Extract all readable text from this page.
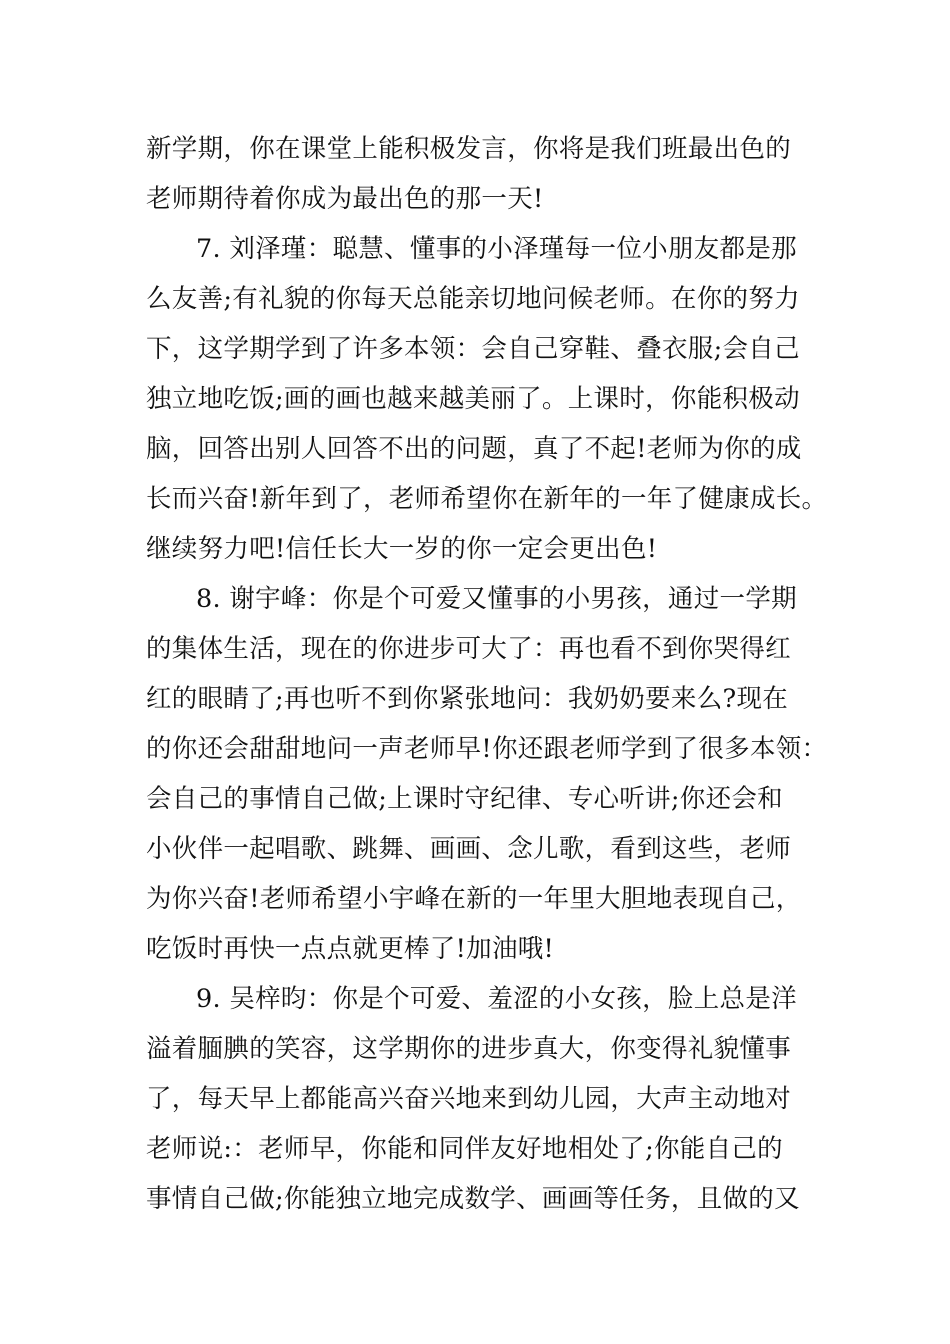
新学期，你在课堂上能积极发言，你将是我们班最出色的
老师期待着你成为最出色的那一天!
7. 刘泽瑾：聪慧、懂事的小泽瑾每一位小朋友都是那
么友善;有礼貌的你每天总能亲切地问候老师。在你的努力
下，这学期学到了许多本领：会自己穿鞋、叠衣服;会自己
独立地吃饭;画的画也越来越美丽了。上课时，你能积极动
脑，回答出别人回答不出的问题，真了不起!老师为你的成
长而兴奋!新年到了，老师希望你在新年的一年了健康成长。
继续努力吧!信任长大一岁的你一定会更出色!
8. 谢宇峰：你是个可爱又懂事的小男孩，通过一学期
的集体生活，现在的你进步可大了：再也看不到你哭得红
红的眼睛了;再也听不到你紧张地问：我奶奶要来么?现在
的你还会甜甜地问一声老师早!你还跟老师学到了很多本领：
会自己的事情自己做;上课时守纪律、专心听讲;你还会和
小伙伴一起唱歌、跳舞、画画、念儿歌，看到这些，老师
为你兴奋!老师希望小宇峰在新的一年里大胆地表现自己，
吃饭时再快一点点就更棒了!加油哦!
9. 吴梓昀：你是个可爱、羞涩的小女孩，脸上总是洋
溢着腼腆的笑容，这学期你的进步真大，你变得礼貌懂事
了，每天早上都能高兴奋兴地来到幼儿园，大声主动地对
老师说:：老师早，你能和同伴友好地相处了;你能自己的
事情自己做;你能独立地完成数学、画画等任务，且做的又
